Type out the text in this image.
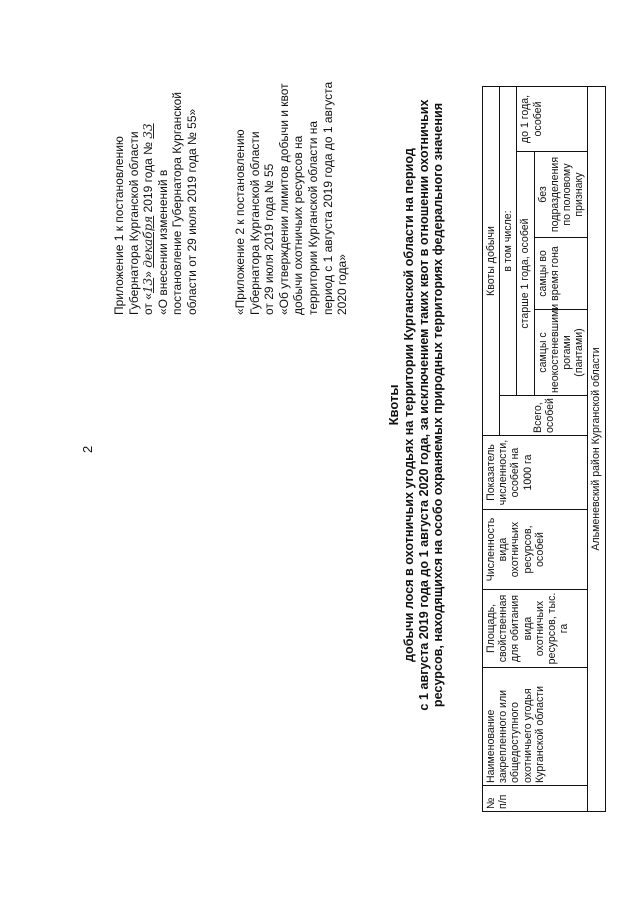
2
Приложение 1 к постановлению Губернатора Курганской области от «13» декабря 2019 года № 33
«О внесении изменений в постановление Губернатора Курганской области от 29 июля 2019 года № 55»	«Приложение 2 к постановлению Губернатора Курганской области от 29 июля 2019 года № 55 «Об утверждении лимитов добычи и квот добычи охотничьих ресурсов на территории Курганской области на период с 1 августа 2019 года до 1 августа 2020 года»
Квоты добычи лося в охотничьих угодьях на территории Курганской области на период с 1 августа 2019 года до 1 августа 2020 года, за исключением таких квот в отношении охотничьих ресурсов, находящихся на особо охраняемых природных территориях федерального значения
№ п/п	Наименование закрепленного или общедоступного охотничьего угодья Курганской области	Площадь, свойственная для обитания вида охотничьих ресурсов, тыс. га	Численность вида охотничьих ресурсов, особей	Показатель численности, особей на 1000 га	Квоты добычи				
					Всего, особей	в том числе:			
						старше 1 года, особей			до 1 года, особей
						самцы с неокостеневшими рогами (пантами)	самцы во время гона	без подразделения по половому признаку	
Альменевский район Курганской области									
